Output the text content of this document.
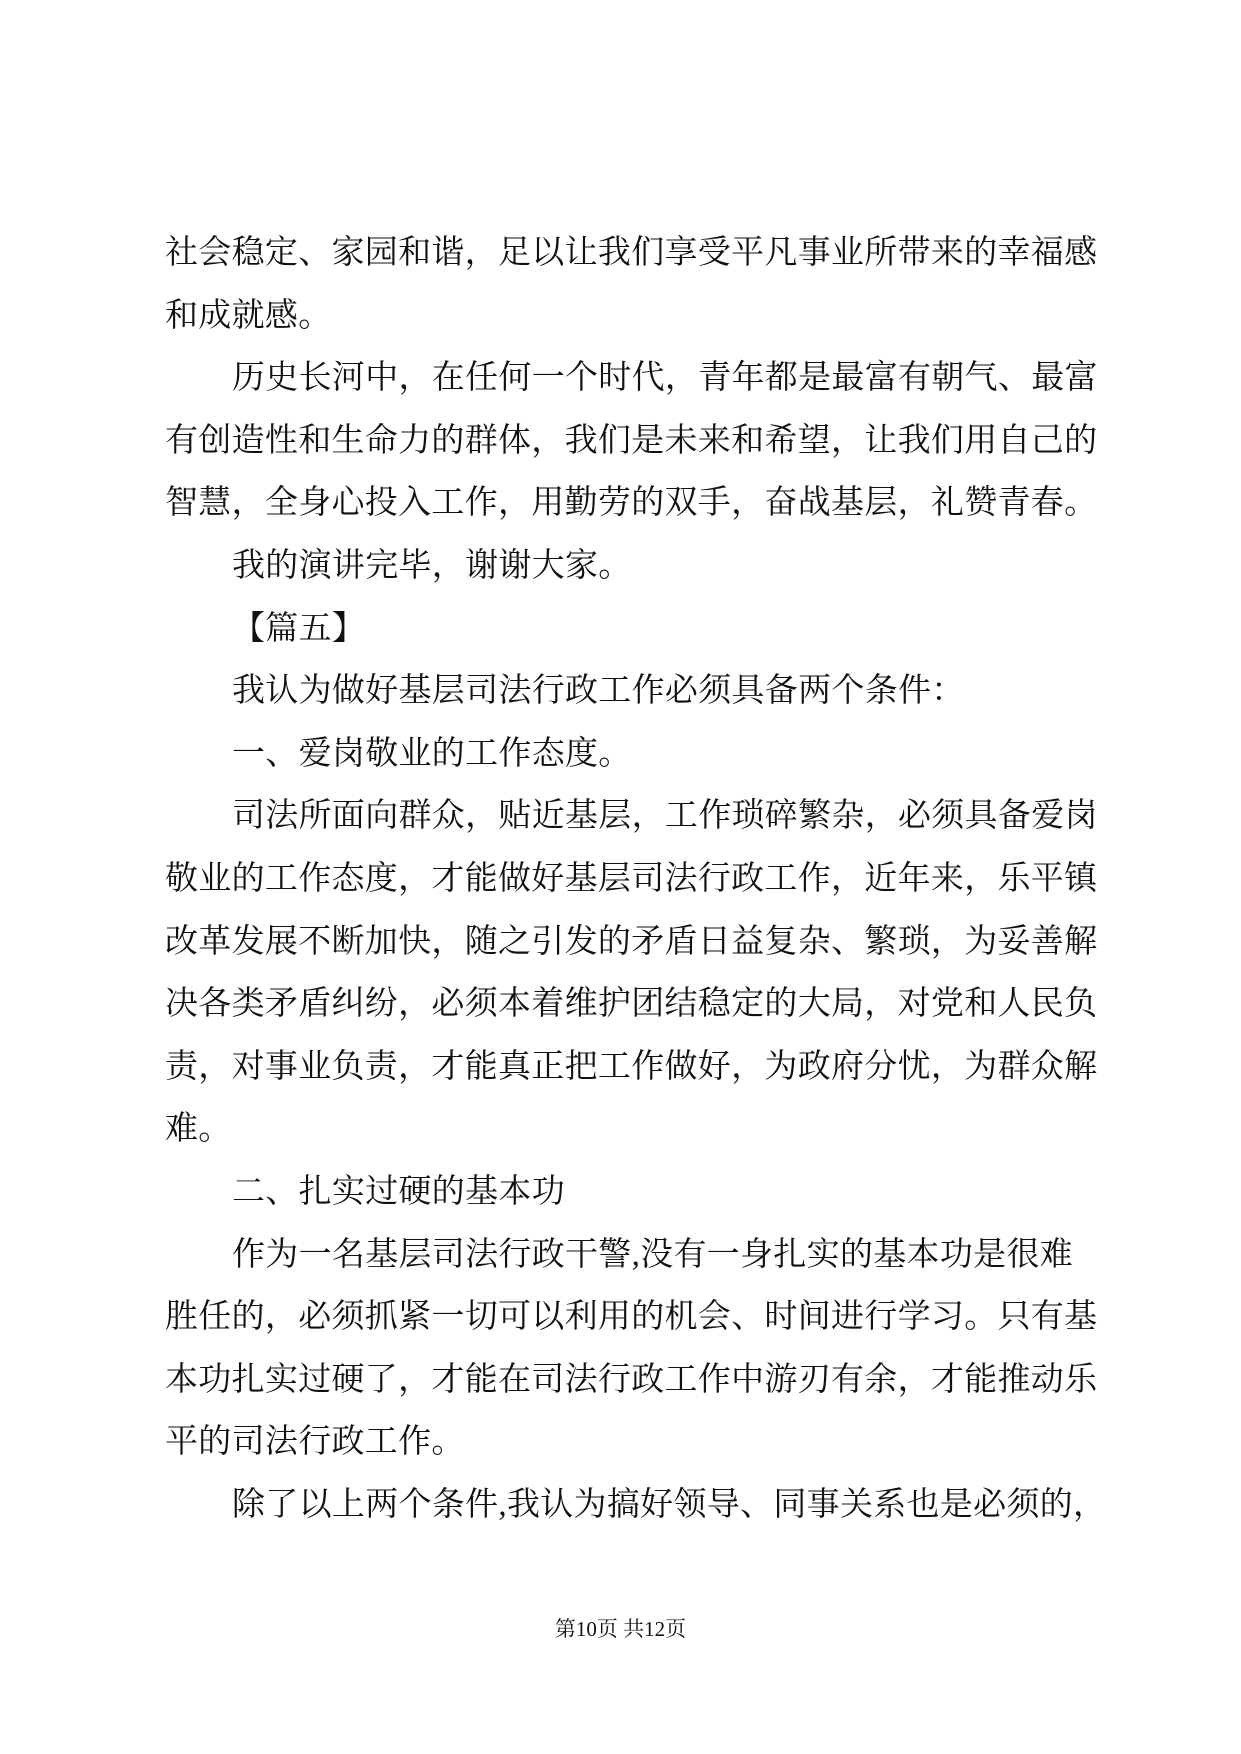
社会稳定、家园和谐，足以让我们享受平凡事业所带来的幸福感
和成就感。
历史长河中，在任何一个时代，青年都是最富有朝气、最富
有创造性和生命力的群体，我们是未来和希望，让我们用自己的
智慧，全身心投入工作，用勤劳的双手，奋战基层，礼赞青春。
我的演讲完毕，谢谢大家。
【篇五】
我认为做好基层司法行政工作必须具备两个条件：
一、爱岗敬业的工作态度。
司法所面向群众，贴近基层，工作琐碎繁杂，必须具备爱岗
敬业的工作态度，才能做好基层司法行政工作，近年来，乐平镇
改革发展不断加快，随之引发的矛盾日益复杂、繁琐，为妥善解
决各类矛盾纠纷，必须本着维护团结稳定的大局，对党和人民负
责，对事业负责，才能真正把工作做好，为政府分忧，为群众解
难。
二、扎实过硬的基本功
作为一名基层司法行政干警,没有一身扎实的基本功是很难
胜任的，必须抓紧一切可以利用的机会、时间进行学习。只有基
本功扎实过硬了，才能在司法行政工作中游刃有余，才能推动乐
平的司法行政工作。
除了以上两个条件,我认为搞好领导、同事关系也是必须的，
第10页 共12页
